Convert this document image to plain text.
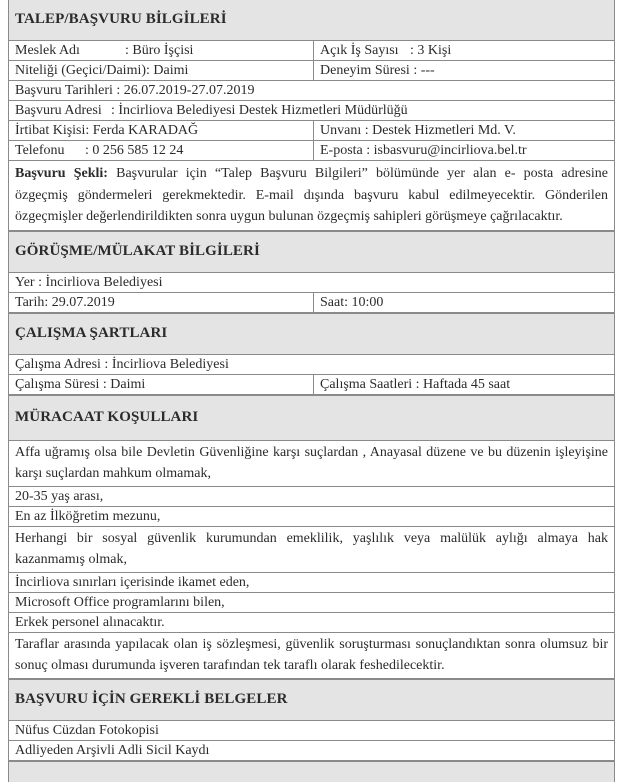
TALEP/BAŞVURU BİLGİLERİ
Meslek Adı	: Büro İşçisi	Açık İş Sayısı : 3 Kişi
Niteliği (Geçici/Daimi): Daimi	Deneyim Süresi : ---
Başvuru Tarihleri : 26.07.2019-27.07.2019
Başvuru Adresi : İncirliova Belediyesi Destek Hizmetleri Müdürlüğü
İrtibat Kişisi: Ferda KARADAĞ	Unvanı : Destek Hizmetleri Md. V.
Telefonu : 0 256 585 12 24	E-posta : isbasvuru@incirliova.bel.tr
Başvuru Şekli: Başvurular için “Talep Başvuru Bilgileri” bölümünde yer alan e- posta adresine özgeçmiş göndermeleri gerekmektedir. E-mail dışında başvuru kabul edilmeyecektir. Gönderilen özgeçmişler değerlendirildikten sonra uygun bulunan özgeçmiş sahipleri görüşmeye çağrılacaktır.
GÖRÜŞME/MÜLAKAT BİLGİLERİ
Yer : İncirliova Belediyesi
Tarih: 29.07.2019	Saat: 10:00
ÇALIŞMA ŞARTLARI
Çalışma Adresi : İncirliova Belediyesi
Çalışma Süresi : Daimi	Çalışma Saatleri : Haftada 45 saat
MÜRACAAT KOŞULLARI
Affa uğramış olsa bile Devletin Güvenliğine karşı suçlardan , Anayasal düzene ve bu düzenin işleyişine karşı suçlardan mahkum olmamak,
20-35 yaş arası,
En az İlköğretim mezunu,
Herhangi bir sosyal güvenlik kurumundan emeklilik, yaşlılık veya malülük aylığı almaya hak kazanmamış olmak,
İncirliova sınırları içerisinde ikamet eden,
Microsoft Office programlarını bilen,
Erkek personel alınacaktır.
Taraflar arasında yapılacak olan iş sözleşmesi, güvenlik soruşturması sonuçlandıktan sonra olumsuz bir sonuç olması durumunda işveren tarafından tek taraflı olarak feshedilecektir.
BAŞVURU İÇİN GEREKLİ BELGELER
Nüfus Cüzdan Fotokopisi
Adliyeden Arşivli Adli Sicil Kaydı
